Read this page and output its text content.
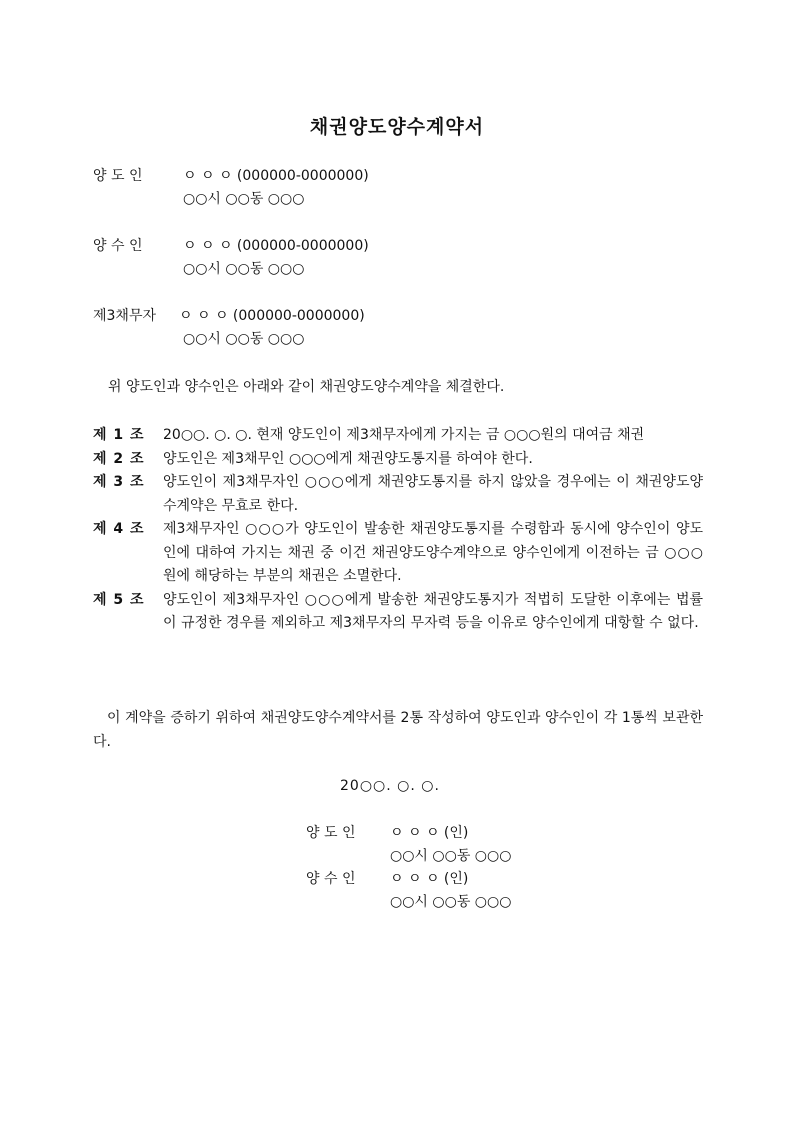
채권양도양수계약서
양 도 인	ㅇ ㅇ ㅇ (000000-0000000)
○○시 ○○동 ○○○
양 수 인	ㅇ ㅇ ㅇ (000000-0000000)
○○시 ○○동 ○○○
제3채무자 ㅇ ㅇ ㅇ (000000-0000000)
○○시 ○○동 ○○○
위 양도인과 양수인은 아래와 같이 채권양도양수계약을 체결한다.
제 1 조	20○○. ○. ○. 현재 양도인이 제3채무자에게 가지는 금 ○○○원의 대여금 채권
제 2 조	양도인은 제3채무인 ○○○에게 채권양도통지를 하여야 한다.
제 3 조	양도인이 제3채무자인 ○○○에게 채권양도통지를 하지 않았을 경우에는 이 채권양도양수계약은 무효로 한다.
제 4 조	제3채무자인 ○○○가 양도인이 발송한 채권양도통지를 수령함과 동시에 양수인이 양도인에 대하여 가지는 채권 중 이건 채권양도양수계약으로 양수인에게 이전하는 금 ○○○원에 해당하는 부분의 채권은 소멸한다.
제 5 조	양도인이 제3채무자인 ○○○에게 발송한 채권양도통지가 적법히 도달한 이후에는 법률이 규정한 경우를 제외하고 제3채무자의 무자력 등을 이유로 양수인에게 대항할 수 없다.
이 계약을 증하기 위하여 채권양도양수계약서를 2통 작성하여 양도인과 양수인이 각 1통씩 보관한다.
20○○. ○. ○.
양 도 인 ㅇ ㅇ ㅇ (인)
○○시 ○○동 ○○○
양 수 인 ㅇ ㅇ ㅇ (인)
○○시 ○○동 ○○○
